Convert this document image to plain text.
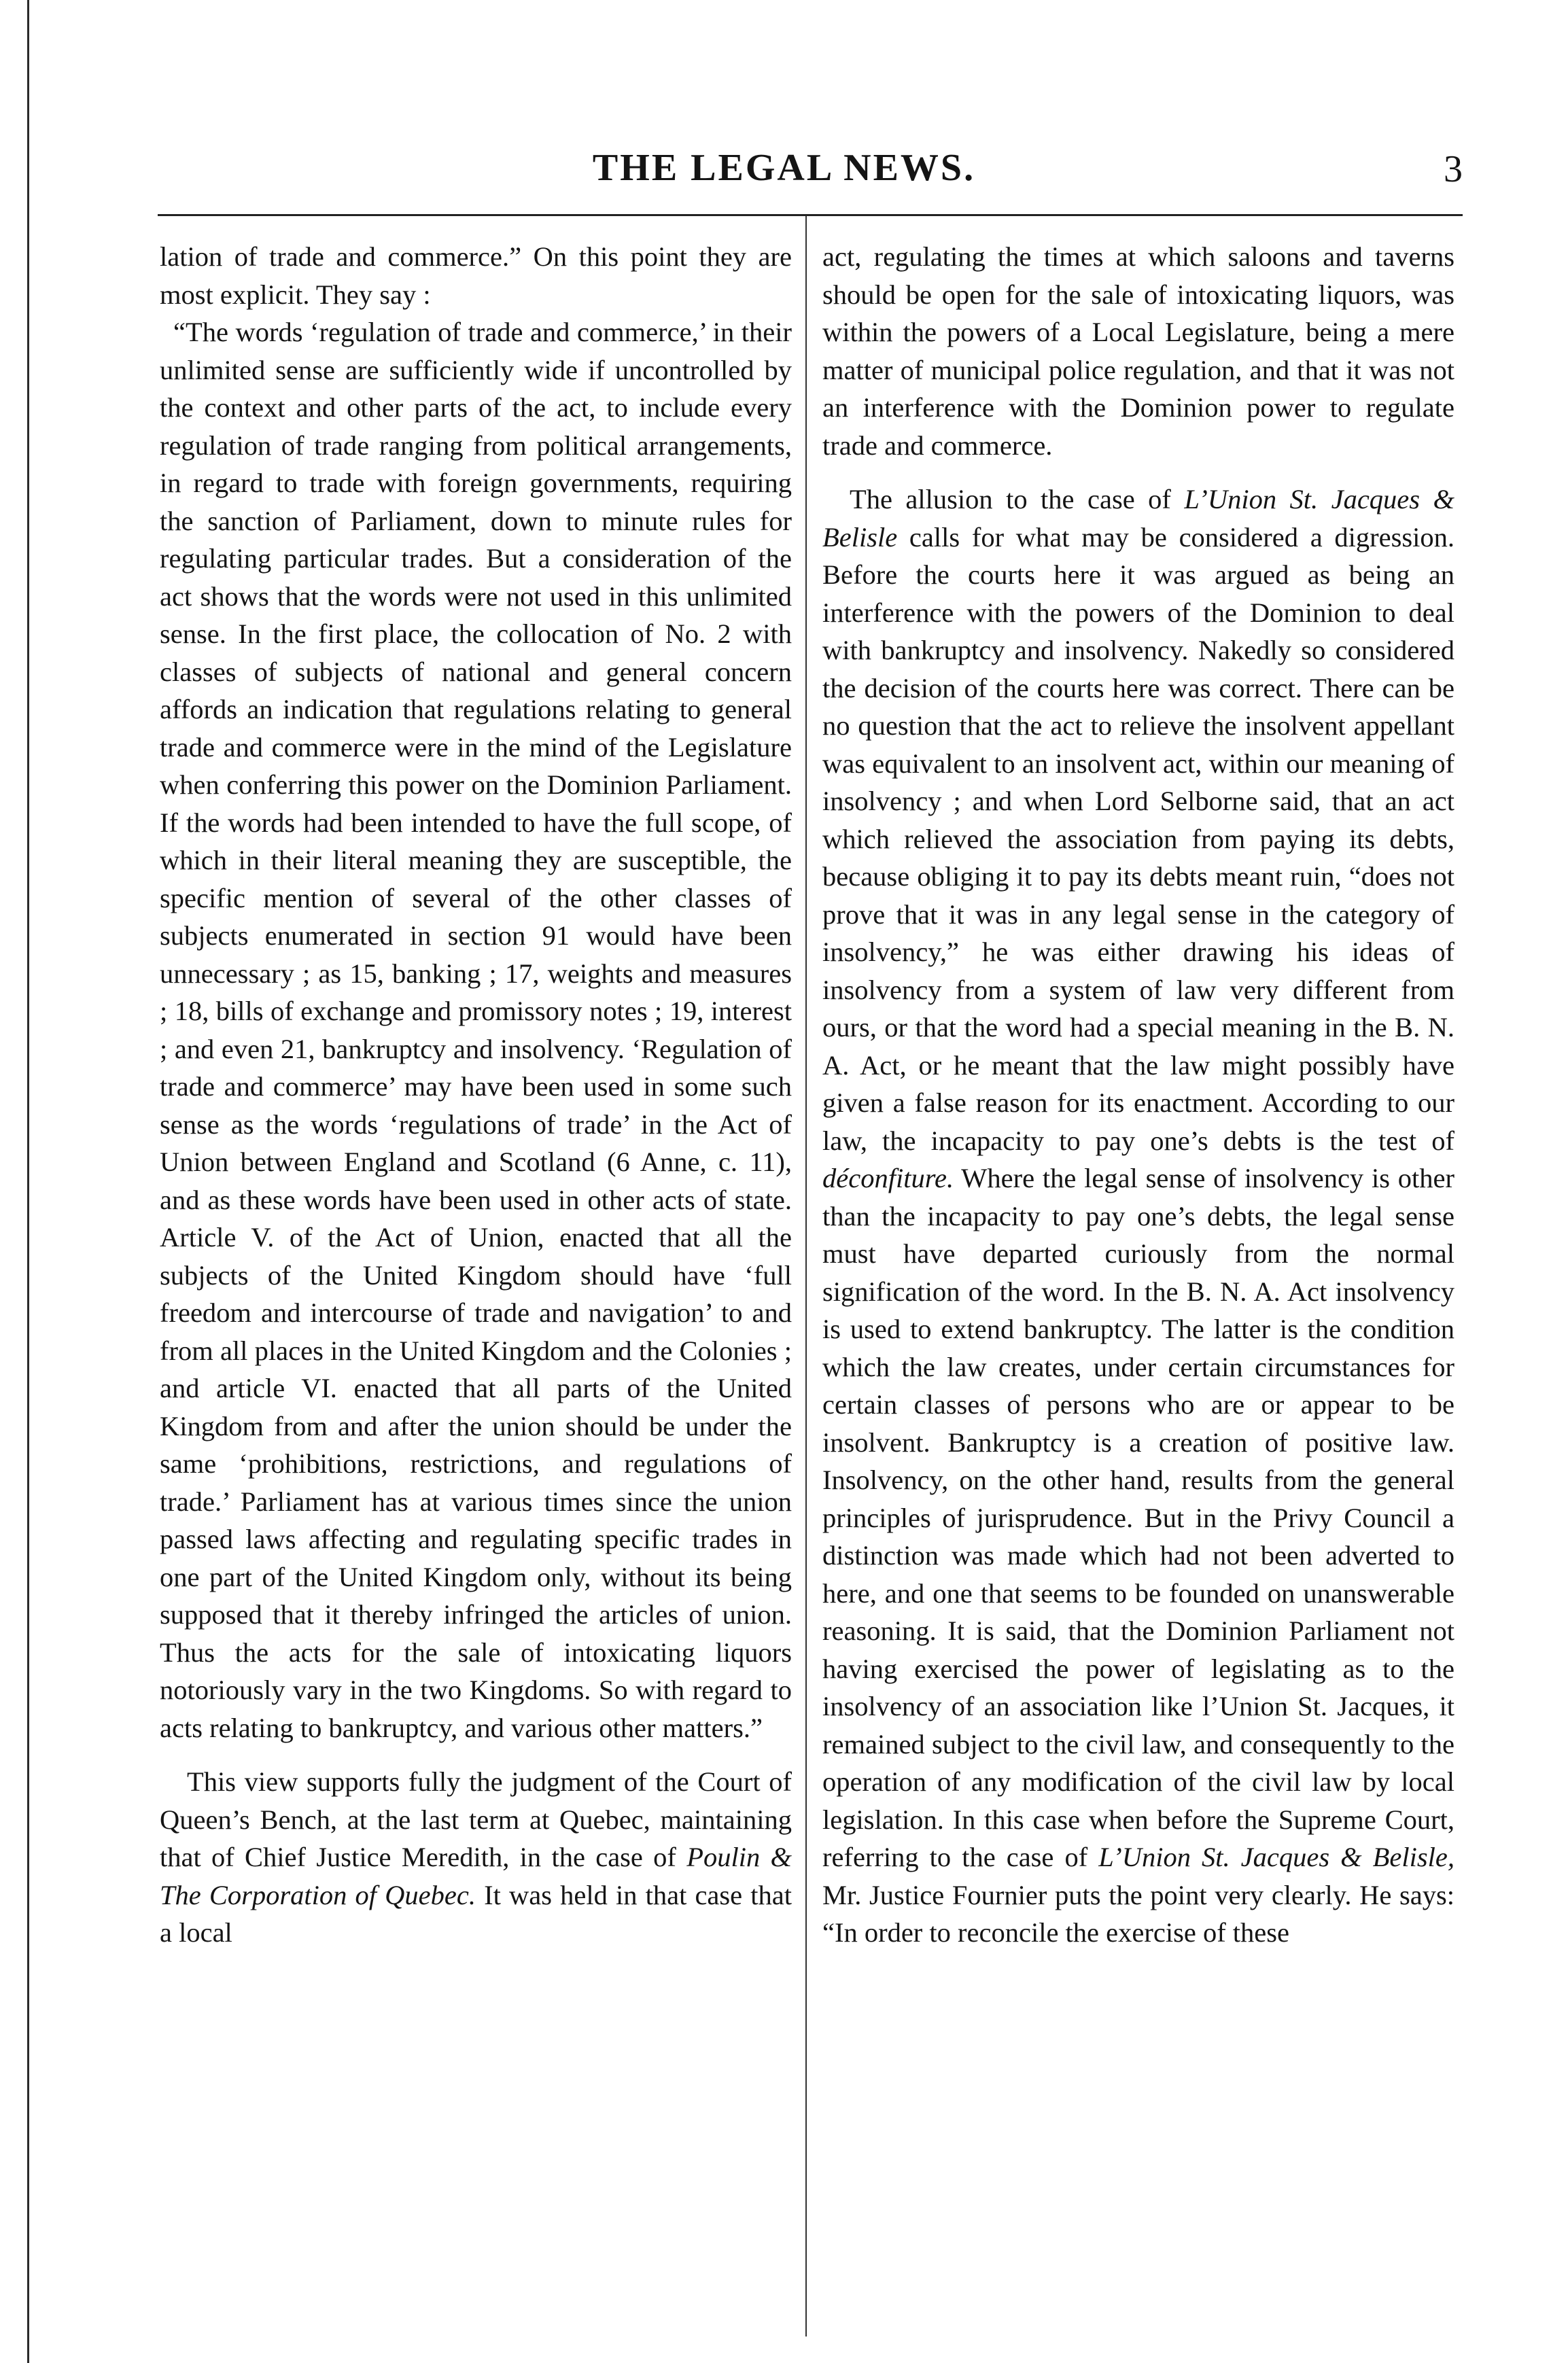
THE LEGAL NEWS.	3

lation of trade and commerce.” On this point they are most explicit. They say :

“The words ‘regulation of trade and commerce,’ in their unlimited sense are sufficiently wide if uncontrolled by the context and other parts of the act, to include every regulation of trade ranging from political arrangements, in regard to trade with foreign governments, requiring the sanction of Parliament, down to minute rules for regulating particular trades. But a consideration of the act shows that the words were not used in this unlimited sense. In the first place, the collocation of No. 2 with classes of subjects of national and general concern affords an indication that regulations relating to general trade and commerce were in the mind of the Legislature when conferring this power on the Dominion Parliament. If the words had been intended to have the full scope, of which in their literal meaning they are susceptible, the specific mention of several of the other classes of subjects enumerated in section 91 would have been unnecessary ; as 15, banking ; 17, weights and measures ; 18, bills of exchange and promissory notes ; 19, interest ; and even 21, bankruptcy and insolvency. ‘Regulation of trade and commerce’ may have been used in some such sense as the words ‘regulations of trade’ in the Act of Union between England and Scotland (6 Anne, c. 11), and as these words have been used in other acts of state. Article V. of the Act of Union, enacted that all the subjects of the United Kingdom should have ‘full freedom and intercourse of trade and navigation’ to and from all places in the United Kingdom and the Colonies ; and article VI. enacted that all parts of the United Kingdom from and after the union should be under the same ‘prohibitions, restrictions, and regulations of trade.’ Parliament has at various times since the union passed laws affecting and regulating specific trades in one part of the United Kingdom only, without its being supposed that it thereby infringed the articles of union. Thus the acts for the sale of intoxicating liquors notoriously vary in the two Kingdoms. So with regard to acts relating to bankruptcy, and various other matters.”

This view supports fully the judgment of the Court of Queen’s Bench, at the last term at Quebec, maintaining that of Chief Justice Meredith, in the case of Poulin & The Corporation of Quebec. It was held in that case that a local

act, regulating the times at which saloons and taverns should be open for the sale of intoxicating liquors, was within the powers of a Local Legislature, being a mere matter of municipal police regulation, and that it was not an interference with the Dominion power to regulate trade and commerce.

The allusion to the case of L’Union St. Jacques & Belisle calls for what may be considered a digression. Before the courts here it was argued as being an interference with the powers of the Dominion to deal with bankruptcy and insolvency. Nakedly so considered the decision of the courts here was correct. There can be no question that the act to relieve the insolvent appellant was equivalent to an insolvent act, within our meaning of insolvency ; and when Lord Selborne said, that an act which relieved the association from paying its debts, because obliging it to pay its debts meant ruin, “does not prove that it was in any legal sense in the category of insolvency,” he was either drawing his ideas of insolvency from a system of law very different from ours, or that the word had a special meaning in the B. N. A. Act, or he meant that the law might possibly have given a false reason for its enactment. According to our law, the incapacity to pay one’s debts is the test of déconfiture. Where the legal sense of insolvency is other than the incapacity to pay one’s debts, the legal sense must have departed curiously from the normal signification of the word. In the B. N. A. Act insolvency is used to extend bankruptcy. The latter is the condition which the law creates, under certain circumstances for certain classes of persons who are or appear to be insolvent. Bankruptcy is a creation of positive law. Insolvency, on the other hand, results from the general principles of jurisprudence. But in the Privy Council a distinction was made which had not been adverted to here, and one that seems to be founded on unanswerable reasoning. It is said, that the Dominion Parliament not having exercised the power of legislating as to the insolvency of an association like l’Union St. Jacques, it remained subject to the civil law, and consequently to the operation of any modification of the civil law by local legislation. In this case when before the Supreme Court, referring to the case of L’Union St. Jacques & Belisle, Mr. Justice Fournier puts the point very clearly. He says: “In order to reconcile the exercise of these
